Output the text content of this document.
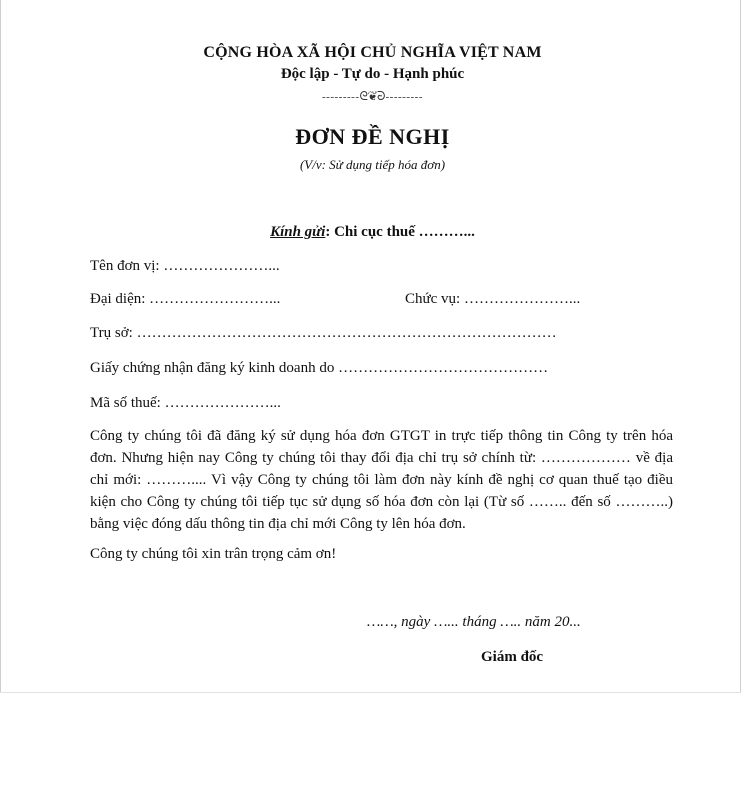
CỘNG HÒA XÃ HỘI CHỦ NGHĨA VIỆT NAM
Độc lập - Tự do - Hạnh phúc
---------ᘓ❦ᘒ---------
ĐƠN ĐỀ NGHỊ
(V/v: Sử dụng tiếp hóa đơn)
Kính gửi: Chi cục thuế ………...
Tên đơn vị: …………………...
Đại diện: ……………………...	Chức vụ: …………………...
Trụ sở: …………………………………………………………………………
Giấy chứng nhận đăng ký kinh doanh do ……………………………………
Mã số thuế: …………………...
Công ty chúng tôi đã đăng ký sử dụng hóa đơn GTGT in trực tiếp thông tin Công ty trên hóa đơn. Nhưng hiện nay Công ty chúng tôi thay đổi địa chỉ trụ sở chính từ: ……………… về địa chỉ mới: ……….... Vì vậy Công ty chúng tôi làm đơn này kính đề nghị cơ quan thuế tạo điều kiện cho Công ty chúng tôi tiếp tục sử dụng số hóa đơn còn lại (Từ số …….. đến số ………..) bằng việc đóng dấu thông tin địa chỉ mới Công ty lên hóa đơn.
Công ty chúng tôi xin trân trọng cảm ơn!
……, ngày …... tháng ….. năm 20...
Giám đốc
